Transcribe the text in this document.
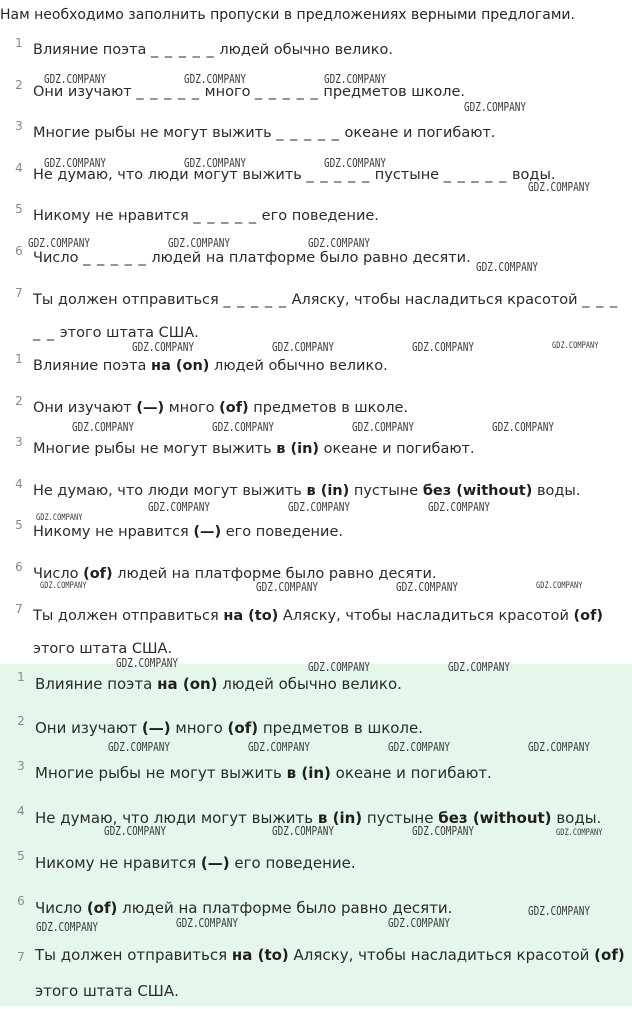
Нам необходимо заполнить пропуски в предложениях верными предлогами.
1 Влияние поэта _ _ _ _ _ людей обычно велико.
2 Они изучают _ _ _ _ _ много _ _ _ _ _ предметов школе.
3 Многие рыбы не могут выжить _ _ _ _ _ океане и погибают.
4 Не думаю, что люди могут выжить _ _ _ _ _ пустыне _ _ _ _ _ воды.
5 Никому не нравится _ _ _ _ _ его поведение.
6 Число _ _ _ _ _ людей на платформе было равно десяти.
7 Ты должен отправиться _ _ _ _ _ Аляску, чтобы насладиться красотой _ _ _ _ _ этого штата США.
1 Влияние поэта на (on) людей обычно велико.
2 Они изучают (—) много (of) предметов в школе.
3 Многие рыбы не могут выжить в (in) океане и погибают.
4 Не думаю, что люди могут выжить в (in) пустыне без (without) воды.
5 Никому не нравится (—) его поведение.
6 Число (of) людей на платформе было равно десяти.
7 Ты должен отправиться на (to) Аляску, чтобы насладиться красотой (of) этого штата США.
1 Влияние поэта на (on) людей обычно велико.
2 Они изучают (—) много (of) предметов в школе.
3 Многие рыбы не могут выжить в (in) океане и погибают.
4 Не думаю, что люди могут выжить в (in) пустыне без (without) воды.
5 Никому не нравится (—) его поведение.
6 Число (of) людей на платформе было равно десяти.
7 Ты должен отправиться на (to) Аляску, чтобы насладиться красотой (of) этого штата США.
GDZ.COMPANY	GDZ.COMPANY	GDZ.COMPANY
GDZ.COMPANY
GDZ.COMPANY	GDZ.COMPANY	GDZ.COMPANY
GDZ.COMPANY
GDZ.COMPANY	GDZ.COMPANY	GDZ.COMPANY
GDZ.COMPANY
GDZ.COMPANY	GDZ.COMPANY	GDZ.COMPANY	GDZ.COMPANY
GDZ.COMPANY	GDZ.COMPANY	GDZ.COMPANY	GDZ.COMPANY
GDZ.COMPANY	GDZ.COMPANY	GDZ.COMPANY
GDZ.COMPANY
GDZ.COMPANY	GDZ.COMPANY	GDZ.COMPANY	GDZ.COMPANY
GDZ.COMPANY	GDZ.COMPANY	GDZ.COMPANY
GDZ.COMPANY	GDZ.COMPANY	GDZ.COMPANY	GDZ.COMPANY
GDZ.COMPANY	GDZ.COMPANY	GDZ.COMPANY	GDZ.COMPANY
GDZ.COMPANY
GDZ.COMPANY	GDZ.COMPANY	GDZ.COMPANY
